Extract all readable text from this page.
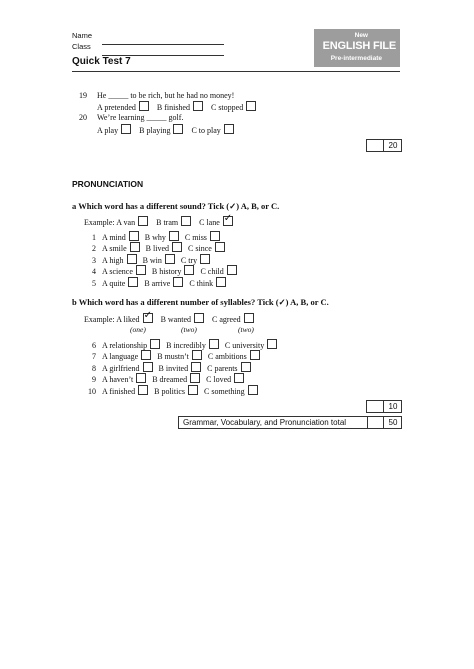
Name
Class
New
ENGLISH FILE
Pre-intermediate
Quick Test 7
19 He _____ to be rich, but he had no money!
A pretended	B finished	C stopped
20 We’re learning _____ golf.
A play	B playing	C to play
20
PRONUNCIATION
a Which word has a different sound? Tick (✓) A, B, or C.
Example: A van	B tram	C lane✓
1 A mind B why C miss
2 A smile B lived C since
3 A high B win C try
4 A science B history C child
5 A quite B arrive C think
b Which word has a different number of syllables? Tick (✓) A, B, or C.
Example: A liked✓	B wanted	C agreed
(one)	(two)	(two)
6 A relationship B incredibly C university
7 A language B mustn’t C ambitions
8 A girlfriend B invited C parents
9 A haven’t B dreamed C loved
10 A finished B politics C something
10
Grammar, Vocabulary, and Pronunciation total	50
